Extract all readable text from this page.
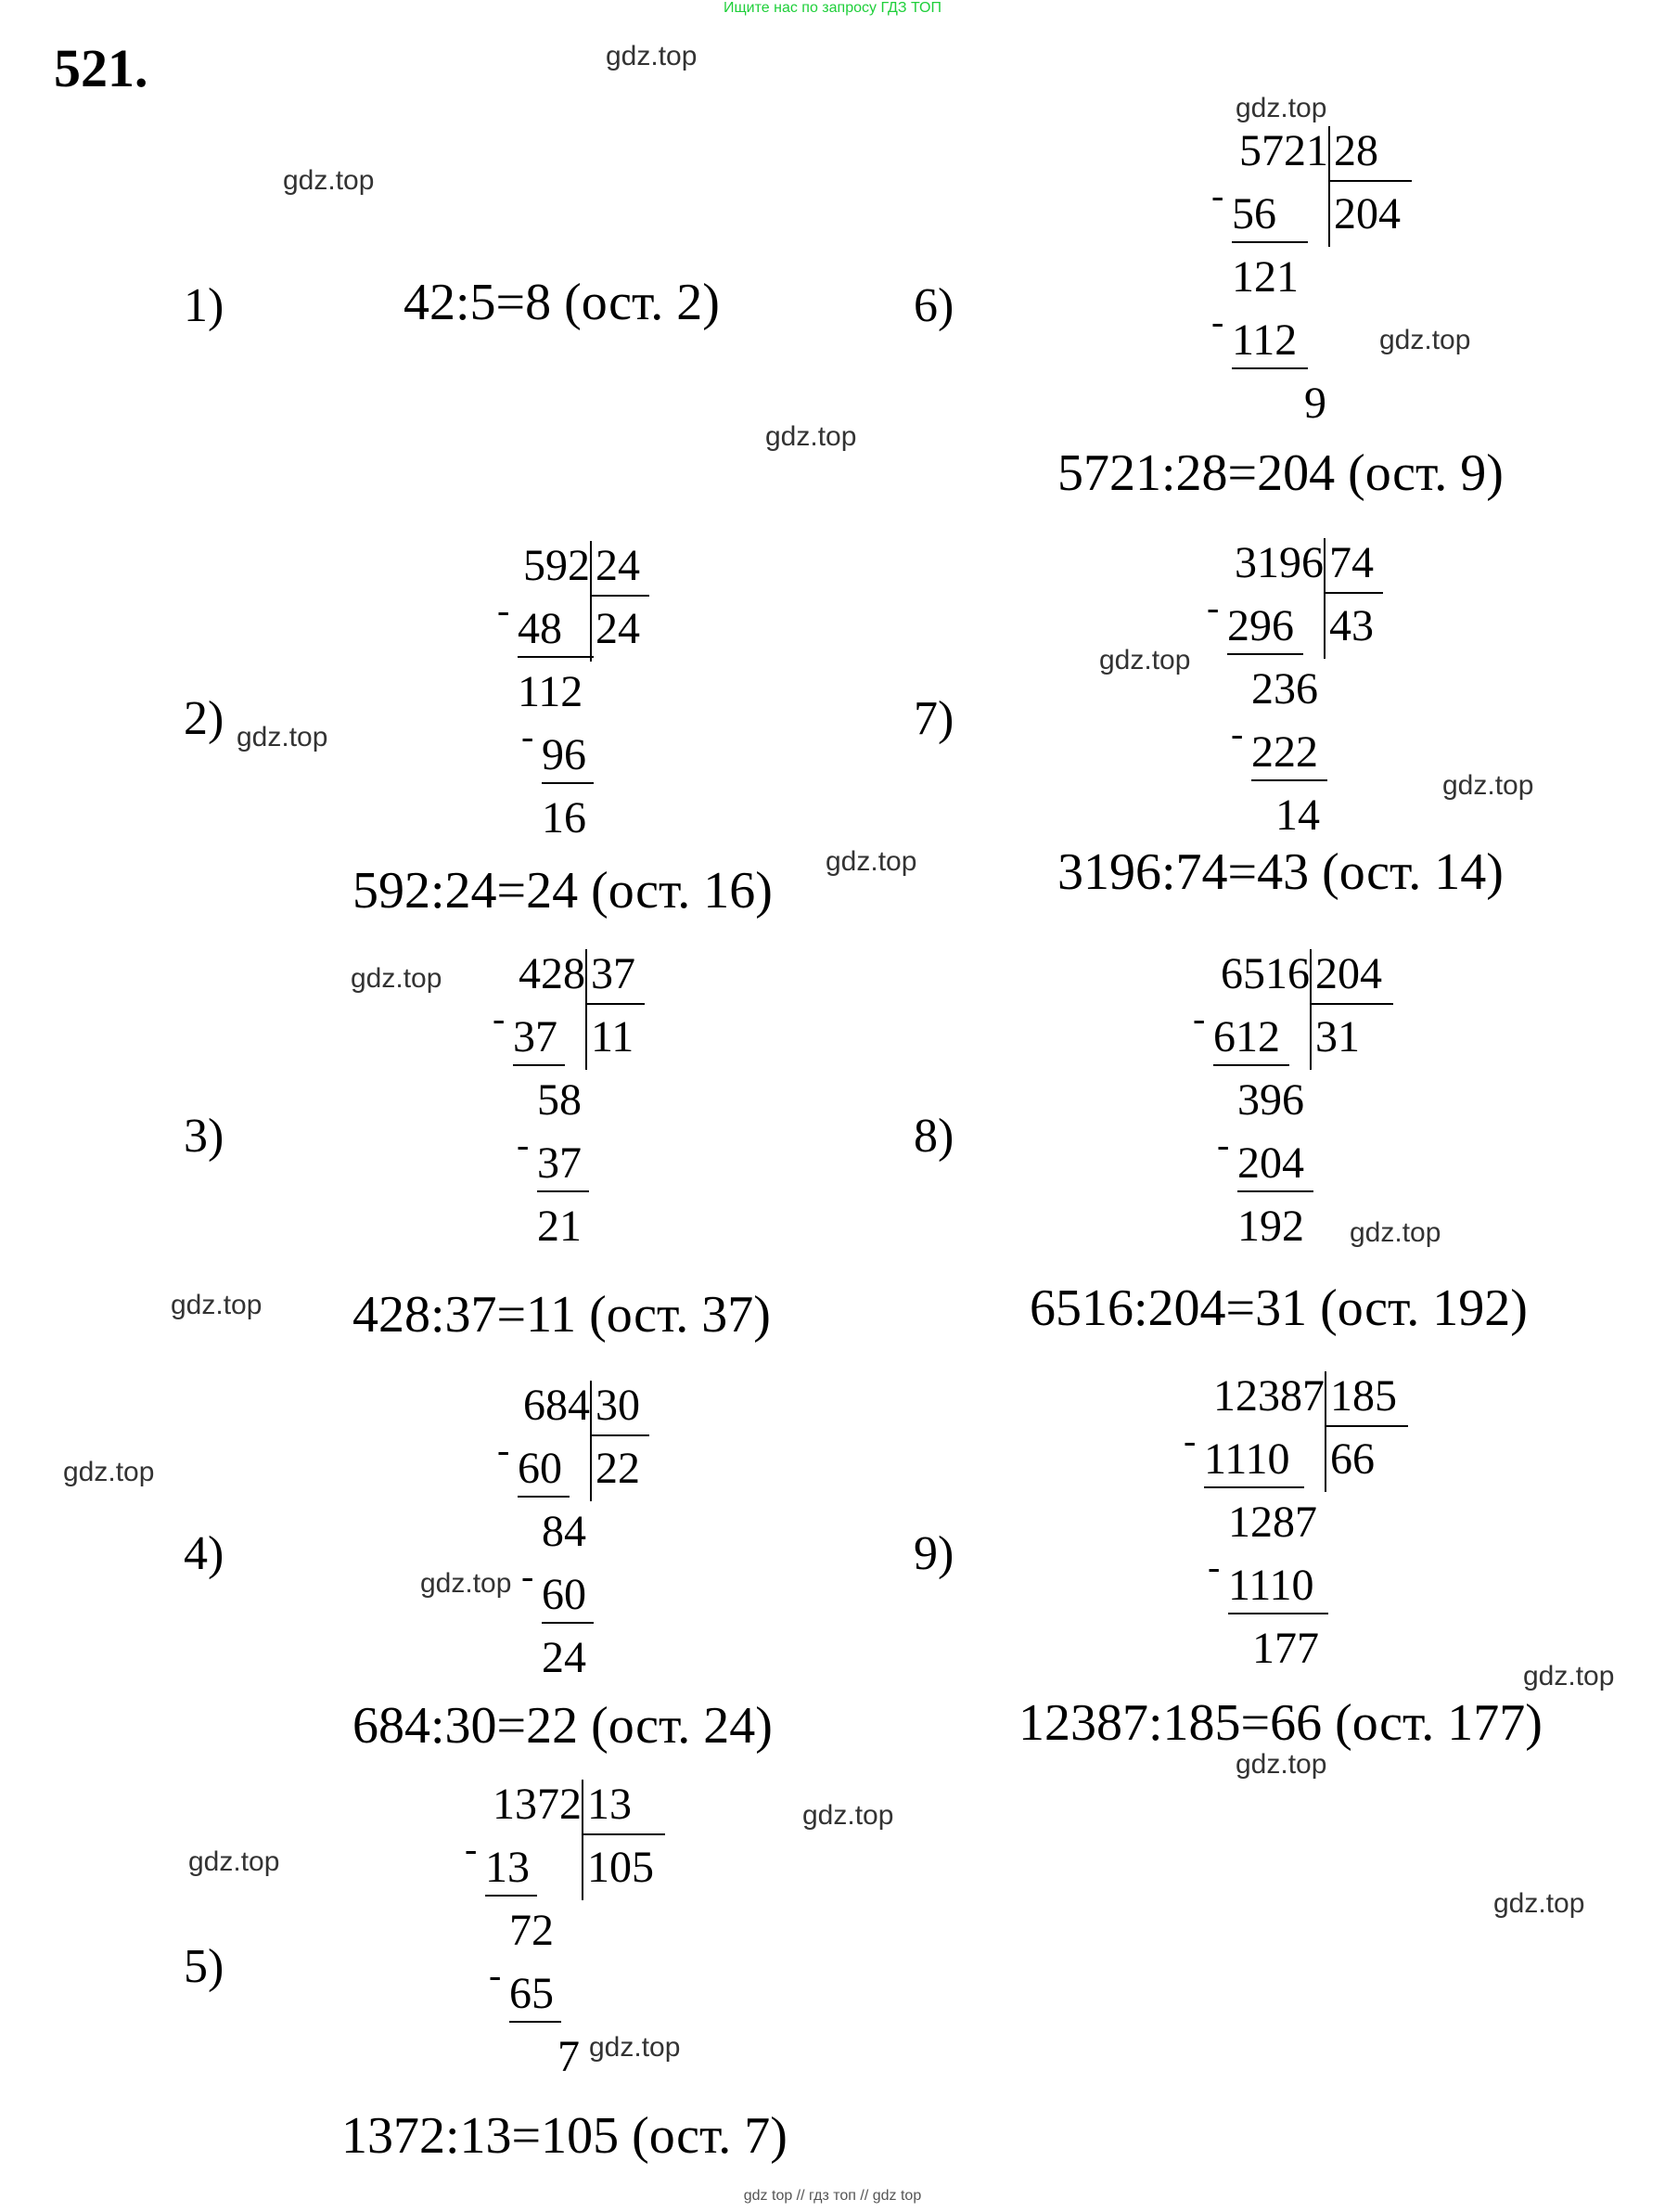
Ищите нас по запросу ГДЗ ТОП
521.	gdz.top
gdz.top
gdz.top
gdz.top
gdz.top
gdz.top
gdz.top
gdz.top
gdz.top
gdz.top
gdz.top
gdz.top
gdz.top
gdz.top
gdz.top
gdz.top
gdz.top
gdz.top
gdz.top
gdz.top
1)
2)
3)
4)
5)
6)
7)
8)
9)
42:5=8 (ост. 2)
592:24=24 (ост. 16)
428:37=11 (ост. 37)
684:30=22 (ост. 24)
1372:13=105 (ост. 7)
5721:28=204 (ост. 9)
3196:74=43 (ост. 14)
6516:204=31 (ост. 192)
12387:185=66 (ост. 177)
592 24
24
- 48
112
- 96
16
428 37
11
- 37
58
- 37
21
684 30
22
- 60
84
- 60
24
1372 13
105
- 13
72
- 65
7
5721 28
204
- 56
121
- 112
9
3196 74
43
- 296
236
- 222
14
6516 204
31
- 612
396
- 204
192
12387 185
66
- 1110
1287
- 1110
177
gdz top // гдз топ // gdz top
